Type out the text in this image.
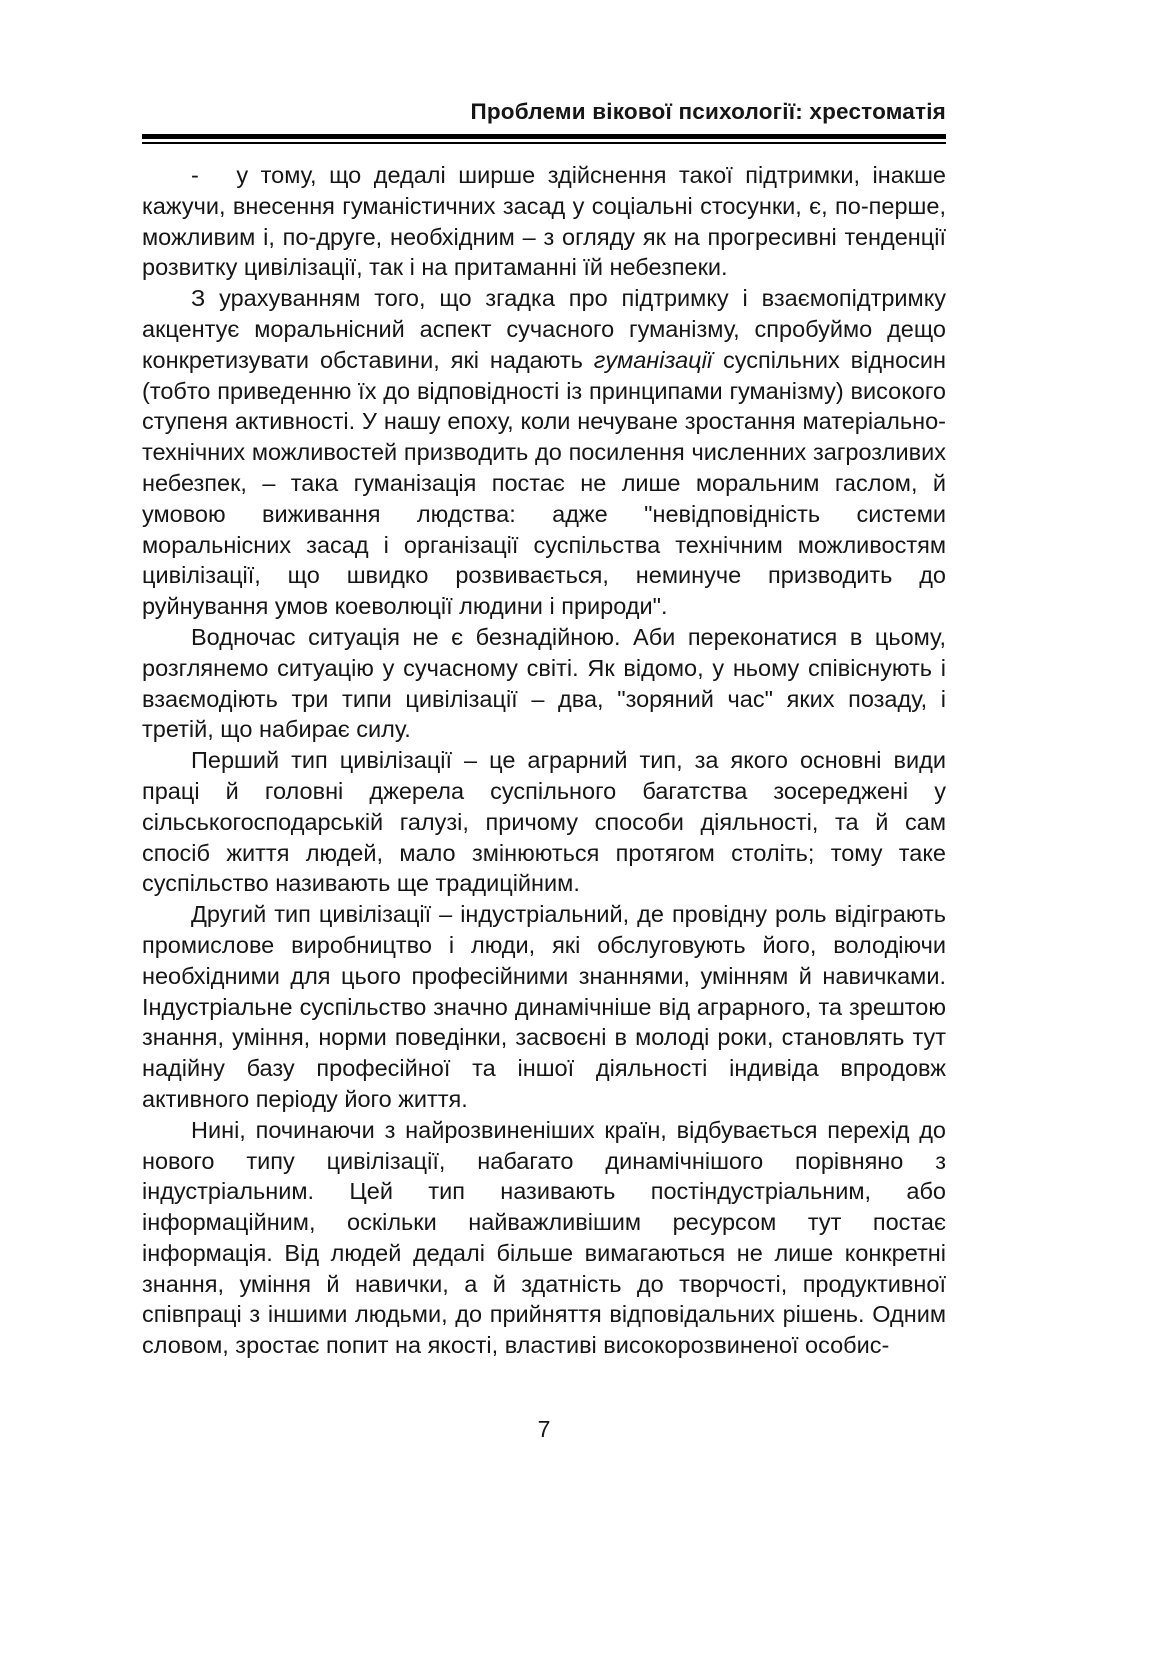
Проблеми вікової психології: хрестоматія

-   у тому, що дедалі ширше здійснення такої підтримки, інакше кажучи, внесення гуманістичних засад у соціальні стосунки, є, по-перше, можливим і, по-друге, необхідним – з огляду як на прогресивні тенденції розвитку цивілізації, так і на притаманні їй небезпеки.

З урахуванням того, що згадка про підтримку і взаємопідтримку акцентує моральнісний аспект сучасного гуманізму, спробуймо дещо конкретизувати обставини, які надають гуманізації суспільних відносин (тобто приведенню їх до відповідності із принципами гуманізму) високого ступеня активності. У нашу епоху, коли нечуване зростання матеріально-технічних можливостей призводить до посилення численних загрозливих небезпек, – така гуманізація постає не лише моральним гаслом, й умовою виживання людства: адже "невідповідність системи моральнісних засад і організації суспільства технічним можливостям цивілізації, що швидко розвивається, неминуче призводить до руйнування умов коеволюції людини і природи".

Водночас ситуація не є безнадійною. Аби переконатися в цьому, розглянемо ситуацію у сучасному світі. Як відомо, у ньому співіснують і взаємодіють три типи цивілізації – два, "зоряний час" яких позаду, і третій, що набирає силу.

Перший тип цивілізації – це аграрний тип, за якого основні види праці й головні джерела суспільного багатства зосереджені у сільськогосподарській галузі, причому способи діяльності, та й сам спосіб життя людей, мало змінюються протягом століть; тому таке суспільство називають ще традиційним.

Другий тип цивілізації – індустріальний, де провідну роль відіграють промислове виробництво і люди, які обслуговують його, володіючи необхідними для цього професійними знаннями, умінням й навичками. Індустріальне суспільство значно динамічніше від аграрного, та зрештою знання, уміння, норми поведінки, засвоєні в молоді роки, становлять тут надійну базу професійної та іншої діяльності індивіда впродовж активного періоду його життя.

Нині, починаючи з найрозвиненіших країн, відбувається перехід до нового типу цивілізації, набагато динамічнішого порівняно з індустріальним. Цей тип називають постіндустріальним, або інформаційним, оскільки найважливішим ресурсом тут постає інформація. Від людей дедалі більше вимагаються не лише конкретні знання, уміння й навички, а й здатність до творчості, продуктивної співпраці з іншими людьми, до прийняття відповідальних рішень. Одним словом, зростає попит на якості, властиві високорозвиненої особис-

7
